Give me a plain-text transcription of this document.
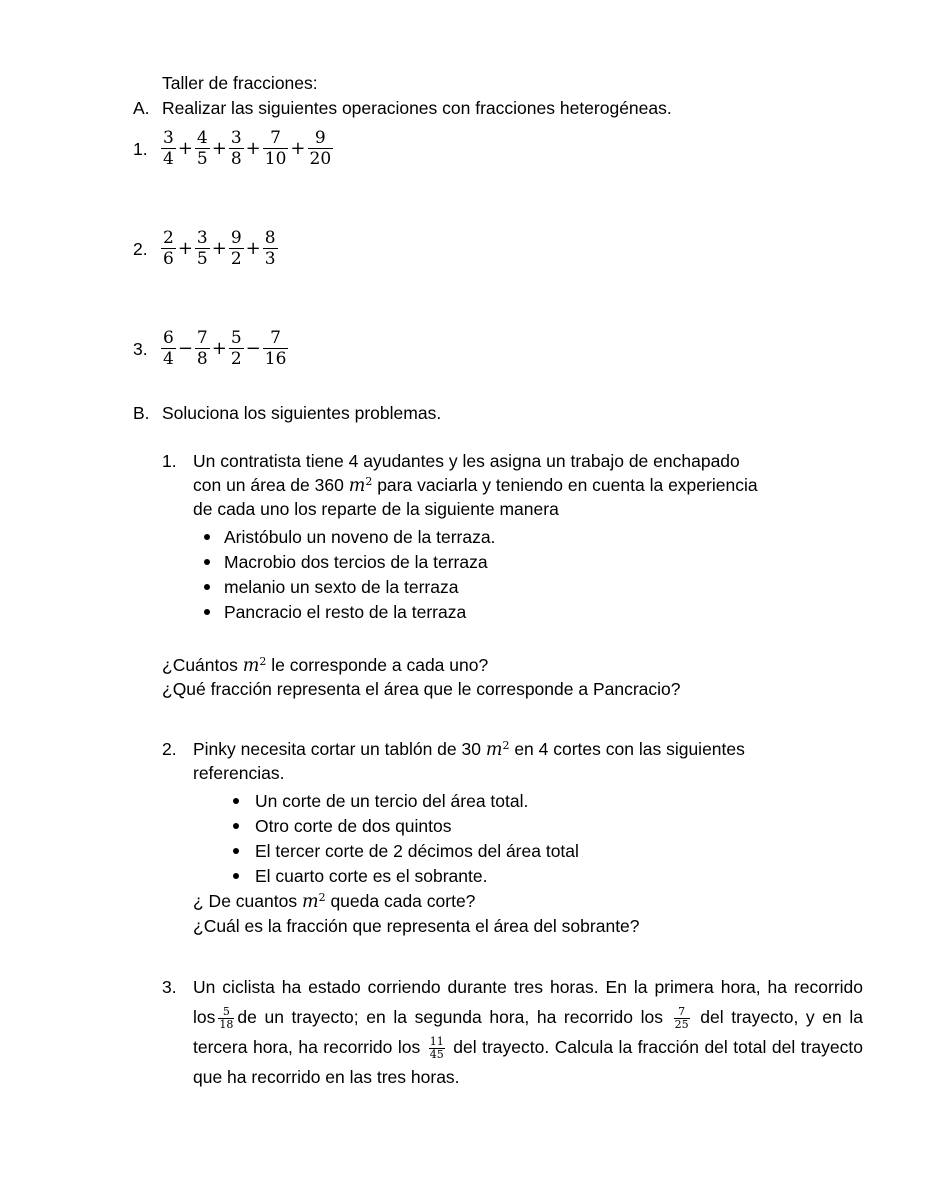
Taller de fracciones:
A. Realizar las siguientes operaciones con fracciones heterogéneas.
1. $\frac{3}{4} + \frac{4}{5} + \frac{3}{8} + \frac{7}{10} + \frac{9}{20}$
2. $\frac{2}{6} + \frac{3}{5} + \frac{9}{2} + \frac{8}{3}$
3. $\frac{6}{4} - \frac{7}{8} + \frac{5}{2} - \frac{7}{16}$
B. Soluciona los siguientes problemas.
1. Un contratista tiene 4 ayudantes y les asigna un trabajo de enchapado
con un área de 360 $m^2$ para vaciarla y teniendo en cuenta la experiencia
de cada uno los reparte de la siguiente manera
Aristóbulo un noveno de la terraza.
Macrobio dos tercios de la terraza
melanio un sexto de la terraza
Pancracio el resto de la terraza
¿Cuántos $m^2$ le corresponde a cada uno?
¿Qué fracción representa el área que le corresponde a Pancracio?
2. Pinky necesita cortar un tablón de 30 $m^2$ en 4 cortes con las siguientes
referencias.
Un corte de un tercio del área total.
Otro corte de dos quintos
El tercer corte de 2 décimos del área total
El cuarto corte es el sobrante.
¿ De cuantos $m^2$ queda cada corte?
¿Cuál es la fracción que representa el área del sobrante?
3. Un ciclista ha estado corriendo durante tres horas. En la primera hora, ha recorrido los $\frac{5}{18}$ de un trayecto; en la segunda hora, ha recorrido los $\frac{7}{25}$ del trayecto, y en la tercera hora, ha recorrido los $\frac{11}{45}$ del trayecto. Calcula la fracción del total del trayecto que ha recorrido en las tres horas.
